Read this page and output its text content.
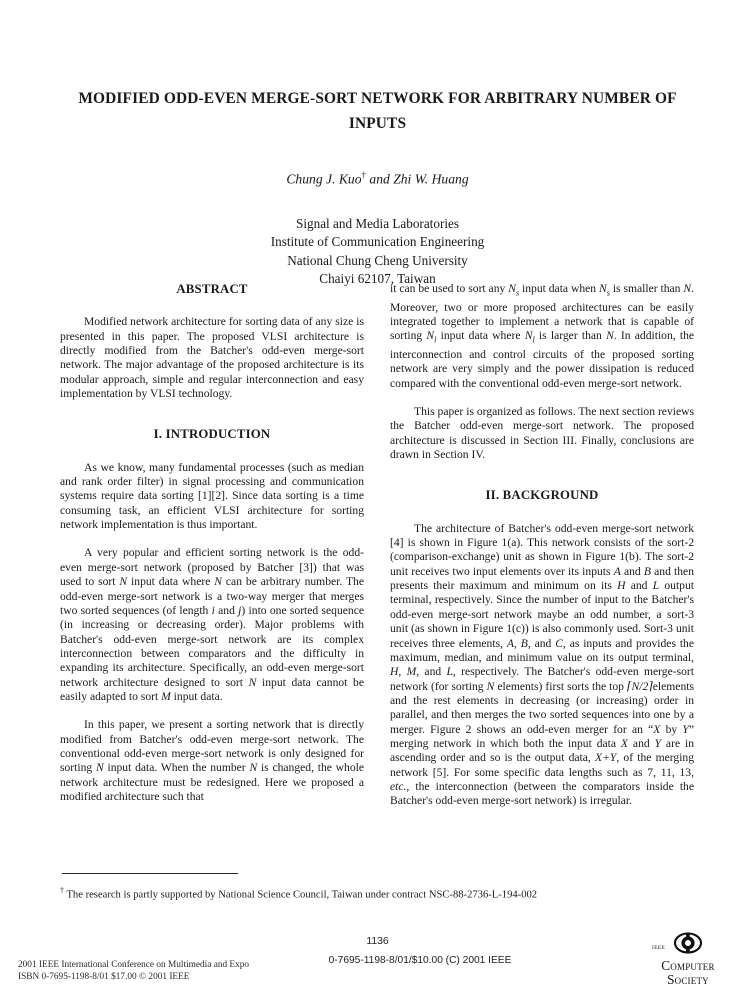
MODIFIED ODD-EVEN MERGE-SORT NETWORK FOR ARBITRARY NUMBER OF INPUTS
Chung J. Kuo† and Zhi W. Huang
Signal and Media Laboratories
Institute of Communication Engineering
National Chung Cheng University
Chaiyi 62107, Taiwan
ABSTRACT

Modified network architecture for sorting data of any size is presented in this paper. The proposed VLSI architecture is directly modified from the Batcher's odd-even merge-sort network. The major advantage of the proposed architecture is its modular approach, simple and regular interconnection and easy implementation by VLSI technology.

I. INTRODUCTION

As we know, many fundamental processes (such as median and rank order filter) in signal processing and communication systems require data sorting [1][2]. Since data sorting is a time consuming task, an efficient VLSI architecture for sorting network implementation is thus important.

A very popular and efficient sorting network is the odd-even merge-sort network (proposed by Batcher [3]) that was used to sort N input data where N can be arbitrary number. The odd-even merge-sort network is a two-way merger that merges two sorted sequences (of length i and j) into one sorted sequence (in increasing or decreasing order). Major problems with Batcher's odd-even merge-sort network are its complex interconnection between comparators and the difficulty in expanding its architecture. Specifically, an odd-even merge-sort network architecture designed to sort N input data cannot be easily adapted to sort M input data.

In this paper, we present a sorting network that is directly modified from Batcher's odd-even merge-sort network. The conventional odd-even merge-sort network is only designed for sorting N input data. When the number N is changed, the whole network architecture must be redesigned. Here we proposed a modified architecture such that

it can be used to sort any $N_s$ input data when $N_s$ is smaller than N. Moreover, two or more proposed architectures can be easily integrated together to implement a network that is capable of sorting $N_l$ input data where $N_l$ is larger than N. In addition, the interconnection and control circuits of the proposed sorting network are very simply and the power dissipation is reduced compared with the conventional odd-even merge-sort network.

This paper is organized as follows. The next section reviews the Batcher odd-even merge-sort network. The proposed architecture is discussed in Section III. Finally, conclusions are drawn in Section IV.

II. BACKGROUND

The architecture of Batcher's odd-even merge-sort network [4] is shown in Figure 1(a). This network consists of the sort-2 (comparison-exchange) unit as shown in Figure 1(b). The sort-2 unit receives two input elements over its inputs A and B and then presents their maximum and minimum on its H and L output terminal, respectively. Since the number of input to the Batcher's odd-even merge-sort network maybe an odd number, a sort-3 unit (as shown in Figure 1(c)) is also commonly used. Sort-3 unit receives three elements, A, B, and C, as inputs and provides the maximum, median, and minimum value on its output terminal, H, M, and L, respectively. The Batcher's odd-even merge-sort network (for sorting N elements) first sorts the top ⌈N/2⌉elements and the rest elements in decreasing (or increasing) order in parallel, and then merges the two sorted sequences into one by a merger. Figure 2 shows an odd-even merger for an “X by Y” merging network in which both the input data X and Y are in ascending order and so is the output data, X+Y, of the merging network [5]. For some specific data lengths such as 7, 11, 13, etc., the interconnection (between the comparators inside the Batcher's odd-even merge-sort network) is irregular.

† The research is partly supported by National Science Council, Taiwan under contract NSC-88-2736-L-194-002
1136
2001 IEEE International Conference on Multimedia and Expo
ISBN 0-7695-1198-8/01 $17.00 © 2001 IEEE
0-7695-1198-8/01/$10.00 (C) 2001 IEEE
IEEE
Computer
Society
